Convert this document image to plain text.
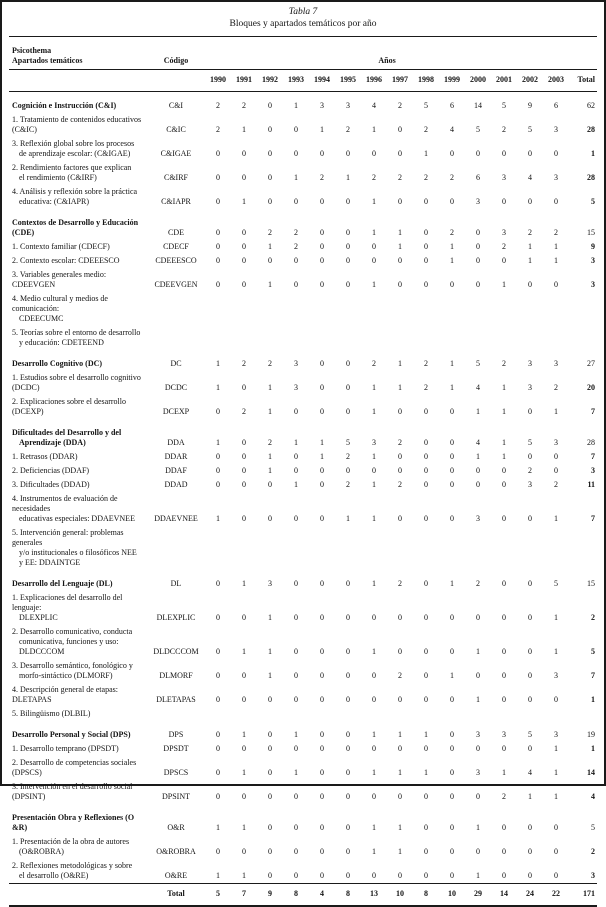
Tabla 7
Bloques y apartados temáticos por año
Psicothema
Apartados temáticos	Código	Años														
		1990	1991	1992	1993	1994	1995	1996	1997	1998	1999	2000	2001	2002	2003	Total

Cognición e Instrucción (C&I)	C&I	2	2	0	1	3	3	4	2	5	6	14	5	9	6	62

1. Tratamiento de contenidos educativos (C&IC)	C&IC	2	1	0	0	1	2	1	0	2	4	5	2	5	3	28

3. Reflexión global sobre los procesos
de aprendizaje escolar: (C&IGAE)	C&IGAE	0	0	0	0	0	0	0	0	1	0	0	0	0	0	1

2. Rendimiento factores que explican
el rendimiento (C&IRF)	C&IRF	0	0	0	1	2	1	2	2	2	2	6	3	4	3	28

4. Análisis y reflexión sobre la práctica
educativa: (C&IAPR)	C&IAPR	0	1	0	0	0	0	1	0	0	0	3	0	0	0	5

Contextos de Desarrollo y Educación (CDE)	CDE	0	0	2	2	0	0	1	1	0	2	0	3	2	2	15

1. Contexto familiar (CDECF)	CDECF	0	0	1	2	0	0	0	1	0	1	0	2	1	1	9

2. Contexto escolar: CDEEESCO	CDEEESCO	0	0	0	0	0	0	0	0	0	1	0	0	1	1	3

3. Variables generales medio: CDEEVGEN	CDEEVGEN	0	0	1	0	0	0	1	0	0	0	0	1	0	0	3

4. Medio cultural y medios de comunicación:
CDEECUMC																

5. Teorías sobre el entorno de desarrollo
y educación: CDETEEND																

Desarrollo Cognitivo (DC)	DC	1	2	2	3	0	0	2	1	2	1	5	2	3	3	27

1. Estudios sobre el desarrollo cognitivo (DCDC)	DCDC	1	0	1	3	0	0	1	1	2	1	4	1	3	2	20

2. Explicaciones sobre el desarrollo (DCEXP)	DCEXP	0	2	1	0	0	0	1	0	0	0	1	1	0	1	7

Dificultades del Desarrollo y del
Aprendizaje (DDA)	DDA	1	0	2	1	1	5	3	2	0	0	4	1	5	3	28

1. Retrasos (DDAR)	DDAR	0	0	1	0	1	2	1	0	0	0	1	1	0	0	7

2. Deficiencias (DDAF)	DDAF	0	0	1	0	0	0	0	0	0	0	0	0	2	0	3

3. Dificultades (DDAD)	DDAD	0	0	0	1	0	2	1	2	0	0	0	0	3	2	11

4. Instrumentos de evaluación de necesidades
educativas especiales: DDAEVNEE	DDAEVNEE	1	0	0	0	0	1	1	0	0	0	3	0	0	1	7

5. Intervención general: problemas generales
y/o institucionales o filosóficos NEE
y EE: DDAINTGE																

Desarrollo del Lenguaje (DL)	DL	0	1	3	0	0	0	1	2	0	1	2	0	0	5	15

1. Explicaciones del desarrollo del lenguaje:
DLEXPLIC	DLEXPLIC	0	0	1	0	0	0	0	0	0	0	0	0	0	1	2

2. Desarrollo comunicativo, conducta
comunicativa, funciones y uso:
DLDCCCOM	DLDCCCOM	0	1	1	0	0	0	1	0	0	0	1	0	0	1	5

3. Desarrollo semántico, fonológico y
morfo-sintáctico (DLMORF)	DLMORF	0	0	1	0	0	0	0	2	0	1	0	0	0	3	7

4. Descripción general de etapas: DLETAPAS	DLETAPAS	0	0	0	0	0	0	0	0	0	0	1	0	0	0	1

5. Bilingüismo (DLBIL)																

Desarrollo Personal y Social (DPS)	DPS	0	1	0	1	0	0	1	1	1	0	3	3	5	3	19

1. Desarrollo temprano (DPSDT)	DPSDT	0	0	0	0	0	0	0	0	0	0	0	0	0	1	1

2. Desarrollo de competencias sociales (DPSCS)	DPSCS	0	1	0	1	0	0	1	1	1	0	3	1	4	1	14

3. Intervención en el desarrollo social (DPSINT)	DPSINT	0	0	0	0	0	0	0	0	0	0	0	2	1	1	4

Presentación Obra y Reflexiones (O &R)	O&R	1	1	0	0	0	0	1	1	0	0	1	0	0	0	5

1. Presentación de la obra de autores
(O&ROBRA)	O&ROBRA	0	0	0	0	0	0	1	1	0	0	0	0	0	0	2

2. Reflexiones metodológicas y sobre
el desarrollo (O&RE)	O&RE	1	1	0	0	0	0	0	0	0	0	1	0	0	0	3
	Total	5	7	9	8	4	8	13	10	8	10	29	14	24	22	171
